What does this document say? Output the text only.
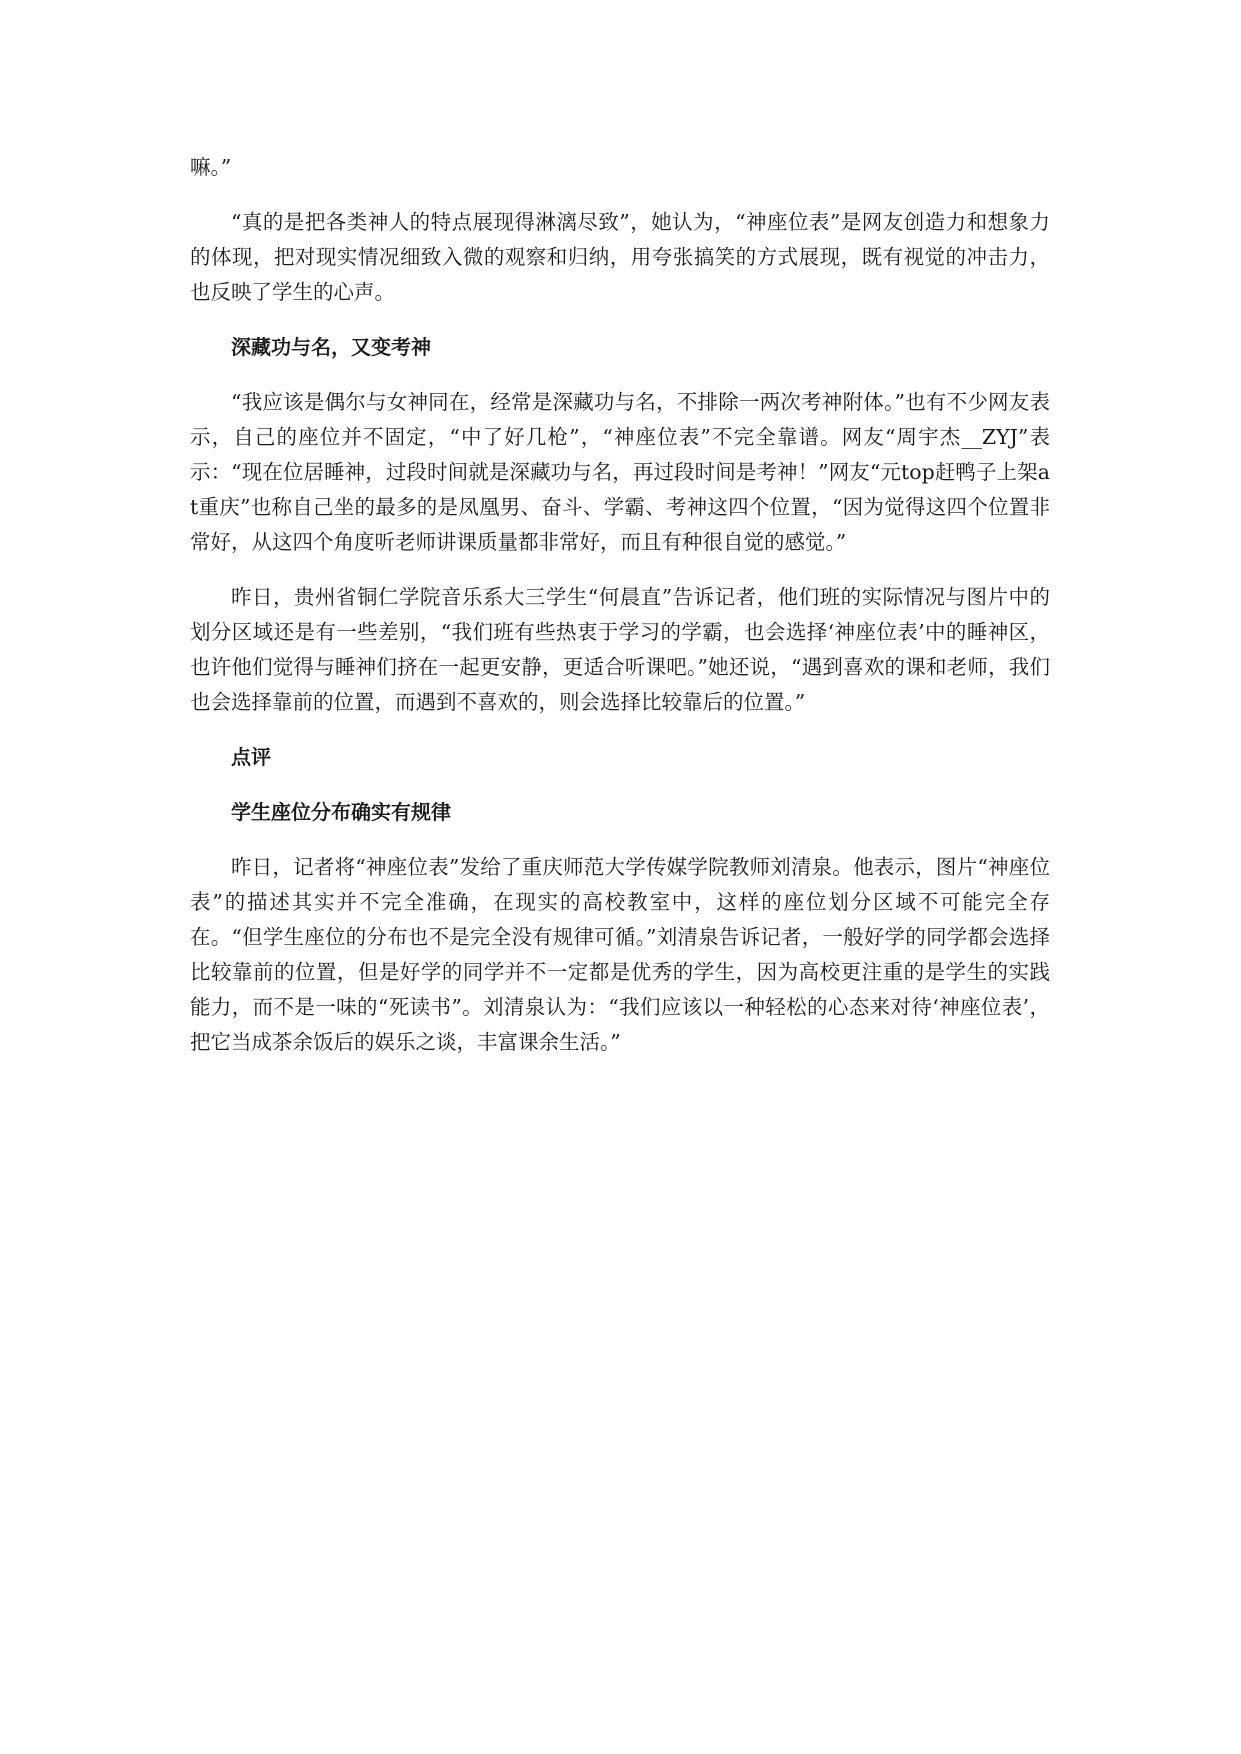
嘛。”

“真的是把各类神人的特点展现得淋漓尽致”，她认为，“神座位表”是网友创造力和想象力的体现，把对现实情况细致入微的观察和归纳，用夸张搞笑的方式展现，既有视觉的冲击力，也反映了学生的心声。

深藏功与名，又变考神

“我应该是偶尔与女神同在，经常是深藏功与名，不排除一两次考神附体。”也有不少网友表示，自己的座位并不固定，“中了好几枪”，“神座位表”不完全靠谱。网友“周宇杰__ZYJ”表示：“现在位居睡神，过段时间就是深藏功与名，再过段时间是考神！”网友“元top赶鸭子上架at重庆”也称自己坐的最多的是凤凰男、奋斗、学霸、考神这四个位置，“因为觉得这四个位置非常好，从这四个角度听老师讲课质量都非常好，而且有种很自觉的感觉。”

昨日，贵州省铜仁学院音乐系大三学生“何晨直”告诉记者，他们班的实际情况与图片中的划分区域还是有一些差别，“我们班有些热衷于学习的学霸，也会选择‘神座位表’中的睡神区，也许他们觉得与睡神们挤在一起更安静，更适合听课吧。”她还说，“遇到喜欢的课和老师，我们也会选择靠前的位置，而遇到不喜欢的，则会选择比较靠后的位置。”

点评

学生座位分布确实有规律

昨日，记者将“神座位表”发给了重庆师范大学传媒学院教师刘清泉。他表示，图片“神座位表”的描述其实并不完全准确，在现实的高校教室中，这样的座位划分区域不可能完全存在。“但学生座位的分布也不是完全没有规律可循。”刘清泉告诉记者，一般好学的同学都会选择比较靠前的位置，但是好学的同学并不一定都是优秀的学生，因为高校更注重的是学生的实践能力，而不是一味的“死读书”。刘清泉认为：“我们应该以一种轻松的心态来对待‘神座位表’，把它当成茶余饭后的娱乐之谈，丰富课余生活。”
